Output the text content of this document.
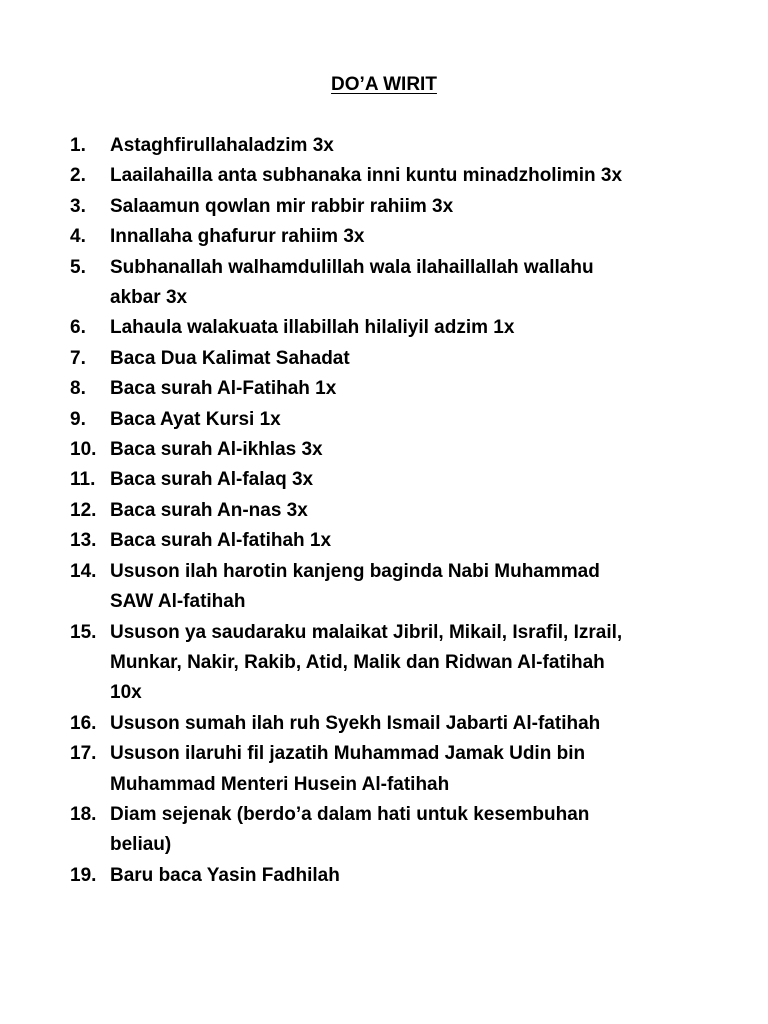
DO’A WIRIT
1. Astaghfirullahaladzim 3x
2. Laailahailla anta subhanaka inni kuntu minadzholimin 3x
3. Salaamun qowlan mir rabbir rahiim 3x
4. Innallaha ghafurur rahiim 3x
5. Subhanallah walhamdulillah wala ilahaillallah wallahu
akbar 3x
6. Lahaula walakuata illabillah hilaliyil adzim 1x
7. Baca Dua Kalimat Sahadat
8. Baca surah Al-Fatihah 1x
9. Baca Ayat Kursi 1x
10. Baca surah Al-ikhlas 3x
11. Baca surah Al-falaq 3x
12. Baca surah An-nas 3x
13. Baca surah Al-fatihah 1x
14. Ususon ilah harotin kanjeng baginda Nabi Muhammad
SAW Al-fatihah
15. Ususon ya saudaraku malaikat Jibril, Mikail, Israfil, Izrail,
Munkar, Nakir, Rakib, Atid, Malik dan Ridwan Al-fatihah
10x
16. Ususon sumah ilah ruh Syekh Ismail Jabarti Al-fatihah
17. Ususon ilaruhi fil jazatih Muhammad Jamak Udin bin
Muhammad Menteri Husein Al-fatihah
18. Diam sejenak (berdo’a dalam hati untuk kesembuhan
beliau)
19. Baru baca Yasin Fadhilah
